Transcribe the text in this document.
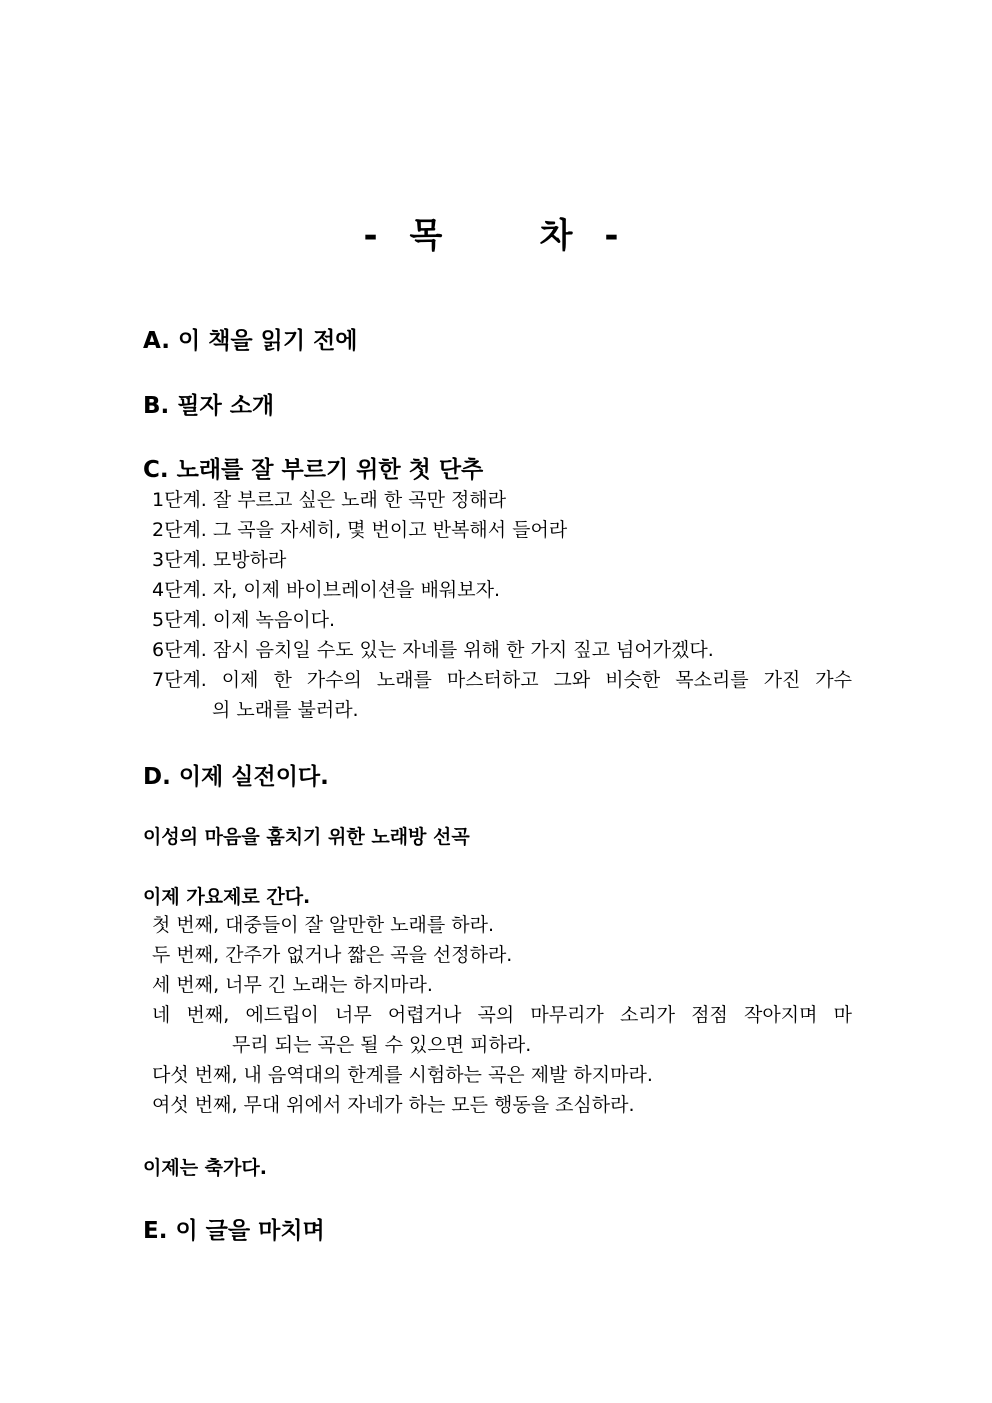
- 목    차 -
A. 이 책을 읽기 전에
B. 필자 소개
C. 노래를 잘 부르기 위한 첫 단추
1단계. 잘 부르고 싶은 노래 한 곡만 정해라
2단계. 그 곡을 자세히, 몇 번이고 반복해서 들어라
3단계. 모방하라
4단계. 자, 이제 바이브레이션을 배워보자.
5단계. 이제 녹음이다.
6단계. 잠시 음치일 수도 있는 자네를 위해 한 가지 짚고 넘어가겠다.
7단계. 이제 한 가수의 노래를 마스터하고 그와 비슷한 목소리를 가진 가수
의 노래를 불러라.
D. 이제 실전이다.
이성의 마음을 훔치기 위한 노래방 선곡
이제 가요제로 간다.
첫 번째, 대중들이 잘 알만한 노래를 하라.
두 번째, 간주가 없거나 짧은 곡을 선정하라.
세 번째, 너무 긴 노래는 하지마라.
네 번째, 에드립이 너무 어렵거나 곡의 마무리가 소리가 점점 작아지며 마
무리 되는 곡은 될 수 있으면 피하라.
다섯 번째, 내 음역대의 한계를 시험하는 곡은 제발 하지마라.
여섯 번째, 무대 위에서 자네가 하는 모든 행동을 조심하라.
이제는 축가다.
E. 이 글을 마치며
